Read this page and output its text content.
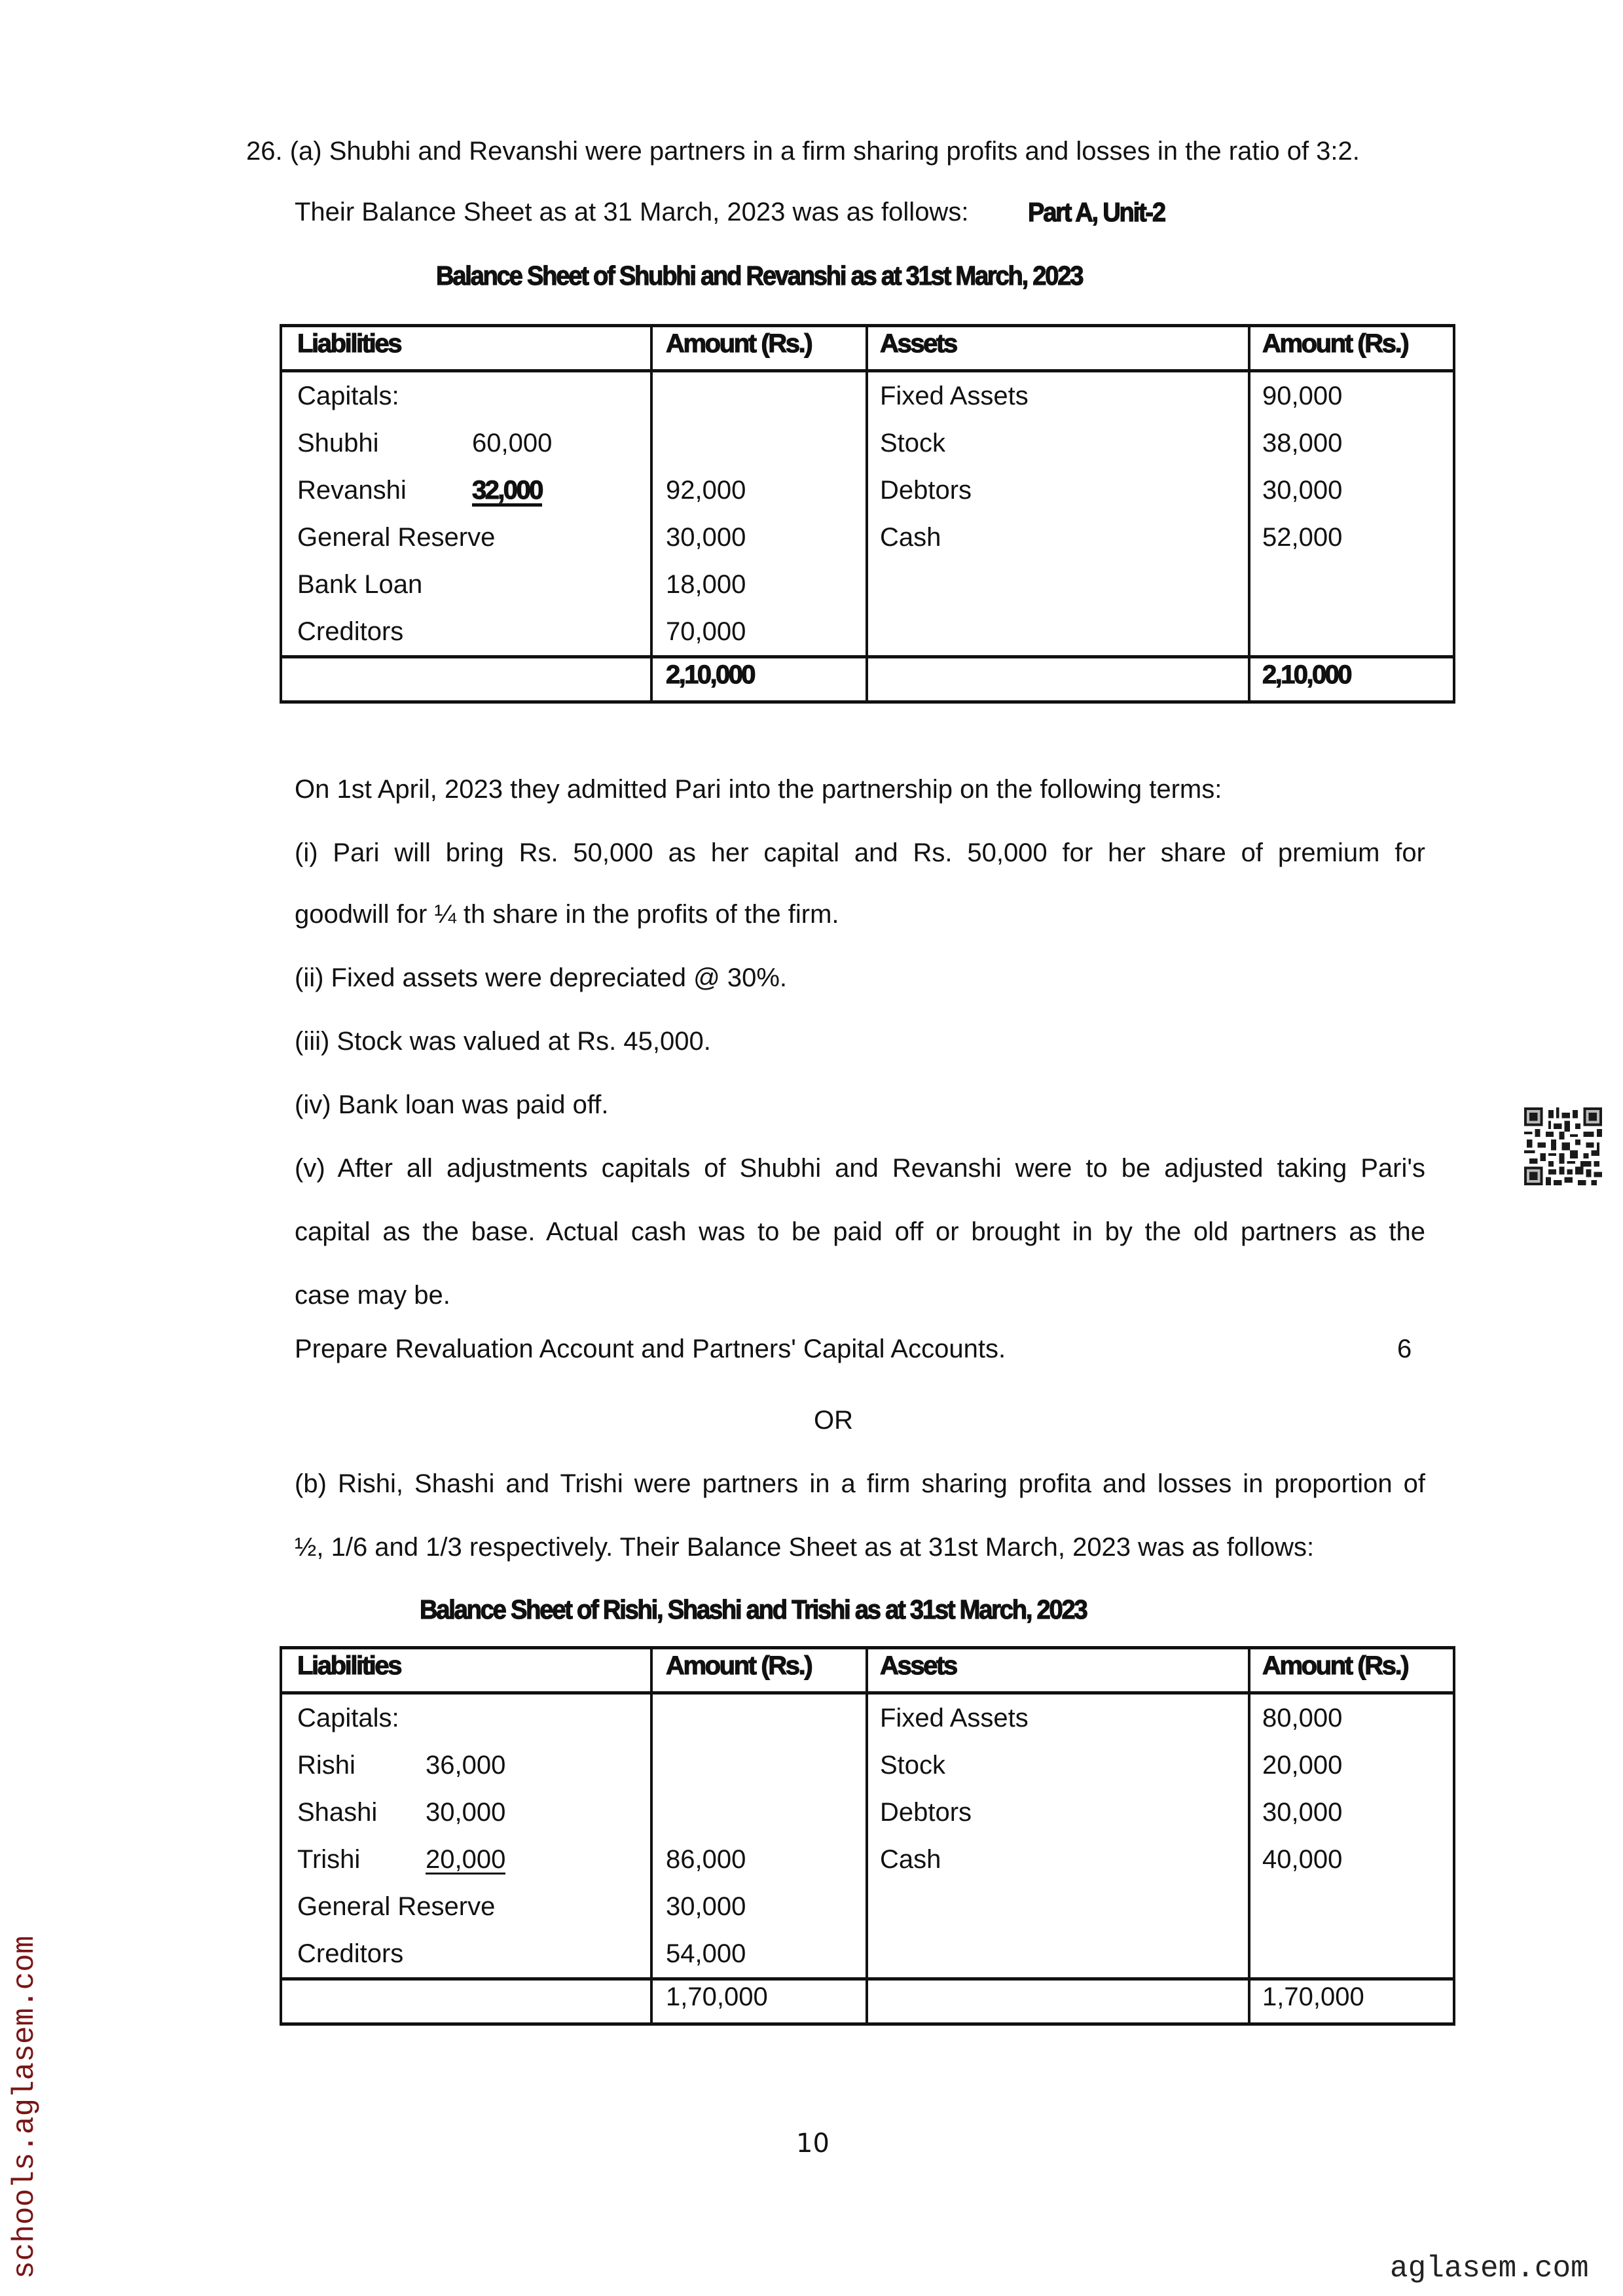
26. (a) Shubhi and Revanshi were partners in a firm sharing profits and losses in the ratio of 3:2.
Their Balance Sheet as at 31 March, 2023 was as follows: Part A, Unit-2
Balance Sheet of Shubhi and Revanshi as at 31st March, 2023
Liabilities	Amount (Rs.)	Assets	Amount (Rs.)
Capitals:		Fixed Assets	90,000
Shubhi 60,000		Stock	38,000
Revanshi 32,000	92,000	Debtors	30,000
General Reserve	30,000	Cash	52,000
Bank Loan	18,000		
Creditors	70,000		
	2,10,000		2,10,000
On 1st April, 2023 they admitted Pari into the partnership on the following terms:
(i) Pari will bring Rs. 50,000 as her capital and Rs. 50,000 for her share of premium for
goodwill for ¼ th share in the profits of the firm.
(ii) Fixed assets were depreciated @ 30%.
(iii) Stock was valued at Rs. 45,000.
(iv) Bank loan was paid off.
(v) After all adjustments capitals of Shubhi and Revanshi were to be adjusted taking Pari's
capital as the base. Actual cash was to be paid off or brought in by the old partners as the
case may be.
Prepare Revaluation Account and Partners' Capital Accounts.	6
OR
(b) Rishi, Shashi and Trishi were partners in a firm sharing profita and losses in proportion of
½, 1/6 and 1/3 respectively. Their Balance Sheet as at 31st March, 2023 was as follows:
Balance Sheet of Rishi, Shashi and Trishi as at 31st March, 2023
Liabilities	Amount (Rs.)	Assets	Amount (Rs.)
Capitals:		Fixed Assets	80,000
Rishi 36,000		Stock	20,000
Shashi 30,000		Debtors	30,000
Trishi 20,000	86,000	Cash	40,000
General Reserve	30,000		
Creditors	54,000		
	1,70,000		1,70,000
schools.aglasem.com	aglasem.com
10
